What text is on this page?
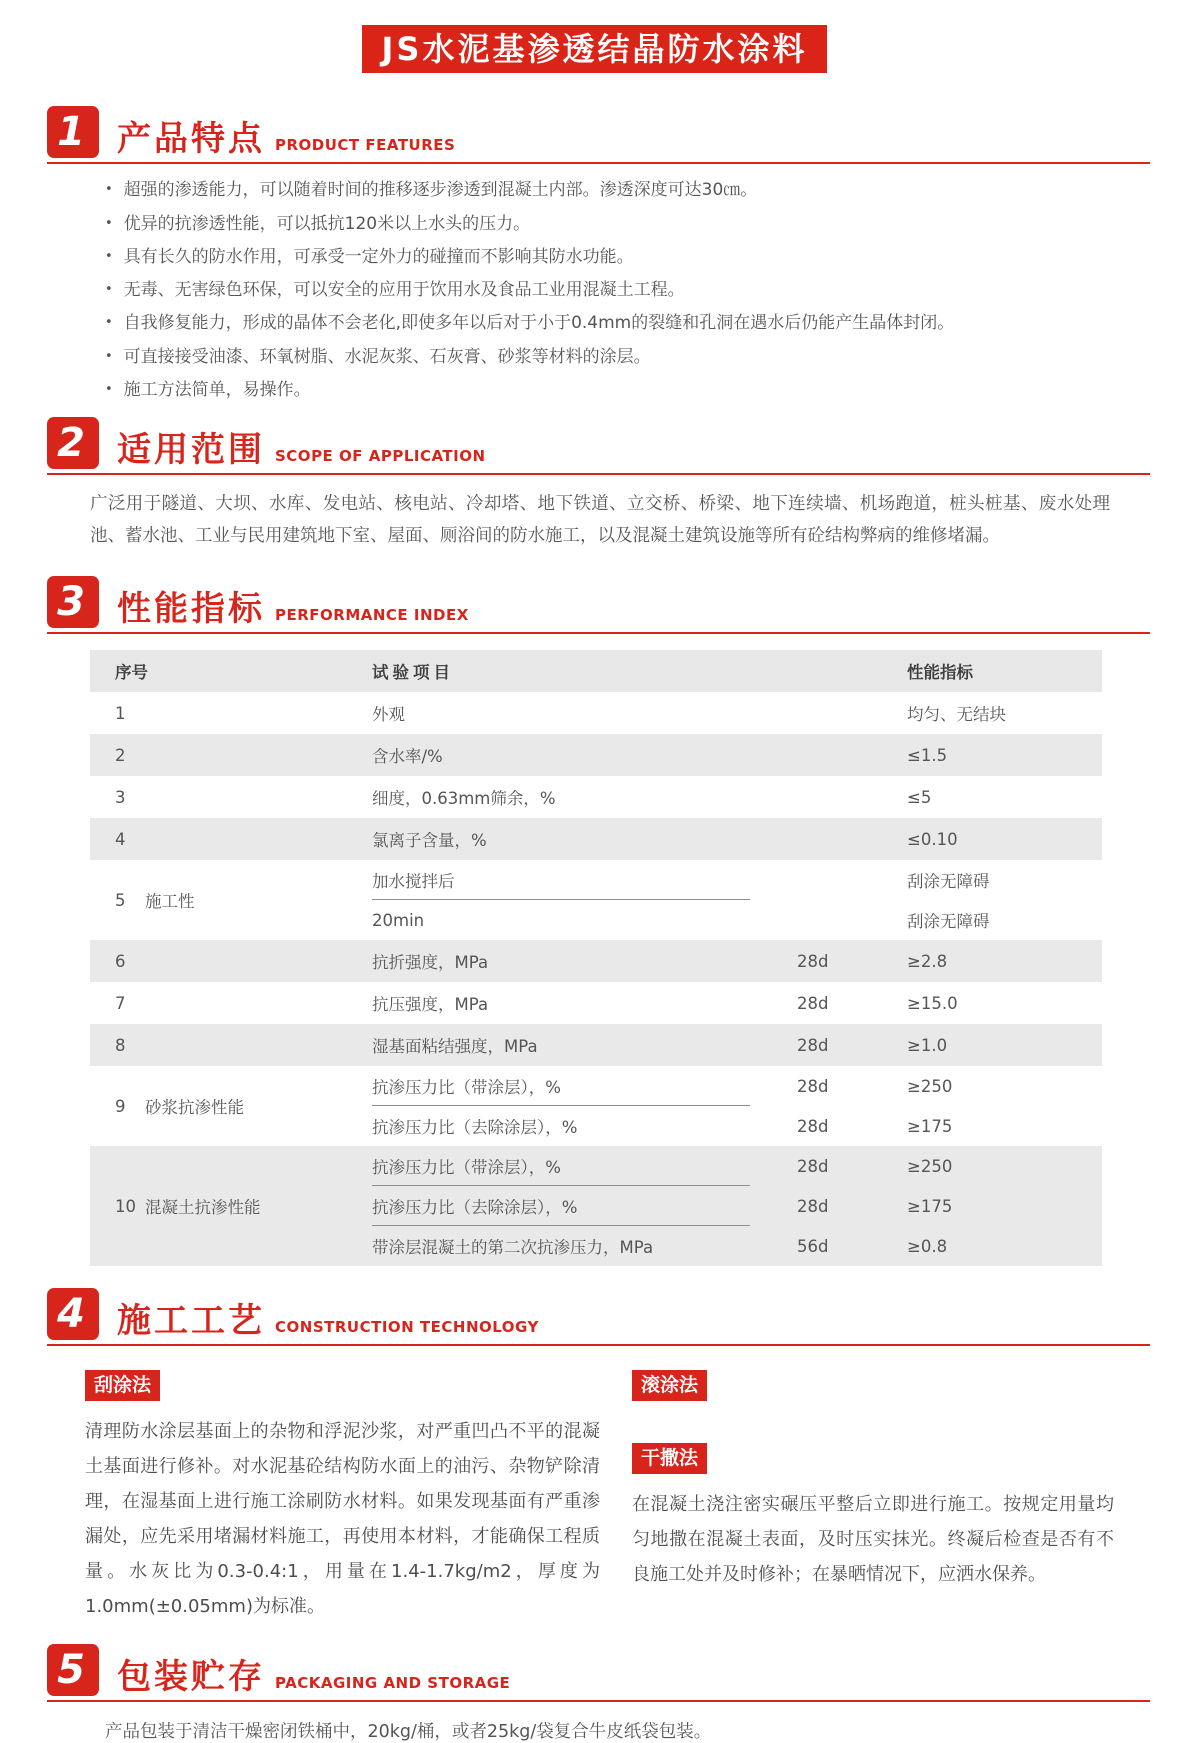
JS水泥基渗透结晶防水涂料
1 产品特点 PRODUCT FEATURES
• 超强的渗透能力，可以随着时间的推移逐步渗透到混凝土内部。渗透深度可达30㎝。
• 优异的抗渗透性能，可以抵抗120米以上水头的压力。
• 具有长久的防水作用，可承受一定外力的碰撞而不影响其防水功能。
• 无毒、无害绿色环保，可以安全的应用于饮用水及食品工业用混凝土工程。
• 自我修复能力，形成的晶体不会老化,即使多年以后对于小于0.4mm的裂缝和孔洞在遇水后仍能产生晶体封闭。
• 可直接接受油漆、环氧树脂、水泥灰浆、石灰膏、砂浆等材料的涂层。
• 施工方法简单，易操作。
2 适用范围 SCOPE OF APPLICATION

广泛用于隧道、大坝、水库、发电站、核电站、冷却塔、地下铁道、立交桥、桥梁、地下连续墙、机场跑道，桩头桩基、废水处理池、蓄水池、工业与民用建筑地下室、屋面、厕浴间的防水施工，以及混凝土建筑设施等所有砼结构弊病的维修堵漏。

3 性能指标 PERFORMANCE INDEX
序号	试验项目	性能指标
1	外观	均匀、无结块
2	含水率/%	≤1.5
3	细度，0.63mm筛余，%	≤5
4	氯离子含量，%	≤0.10
5	施工性
加水搅拌后	刮涂无障碍
20min	刮涂无障碍
6	抗折强度，MPa	28d	≥2.8
7	抗压强度，MPa	28d	≥15.0
8	湿基面粘结强度，MPa	28d	≥1.0
9	砂浆抗渗性能
抗渗压力比（带涂层），%	28d	≥250
抗渗压力比（去除涂层），%	28d	≥175
10 混凝土抗渗性能
抗渗压力比（带涂层），%	28d	≥250
抗渗压力比（去除涂层），%	28d	≥175
带涂层混凝土的第二次抗渗压力，MPa	56d	≥0.8
4 施工工艺 CONSTRUCTION TECHNOLOGY
刮涂法

清理防水涂层基面上的杂物和浮泥沙浆，对严重凹凸不平的混凝土基面进行修补。对水泥基砼结构防水面上的油污、杂物铲除清理，在湿基面上进行施工涂刷防水材料。如果发现基面有严重渗漏处，应先采用堵漏材料施工，再使用本材料，才能确保工程质量。水灰比为0.3-0.4:1，用量在1.4-1.7kg/m2，厚度为1.0mm(±0.05mm)为标准。

滚涂法
干撒法

在混凝土浇注密实碾压平整后立即进行施工。按规定用量均匀地撒在混凝土表面，及时压实抹光。终凝后检查是否有不良施工处并及时修补；在暴晒情况下，应洒水保养。

5 包装贮存 PACKAGING AND STORAGE

产品包装于清洁干燥密闭铁桶中，20kg/桶，或者25kg/袋复合牛皮纸袋包装。
